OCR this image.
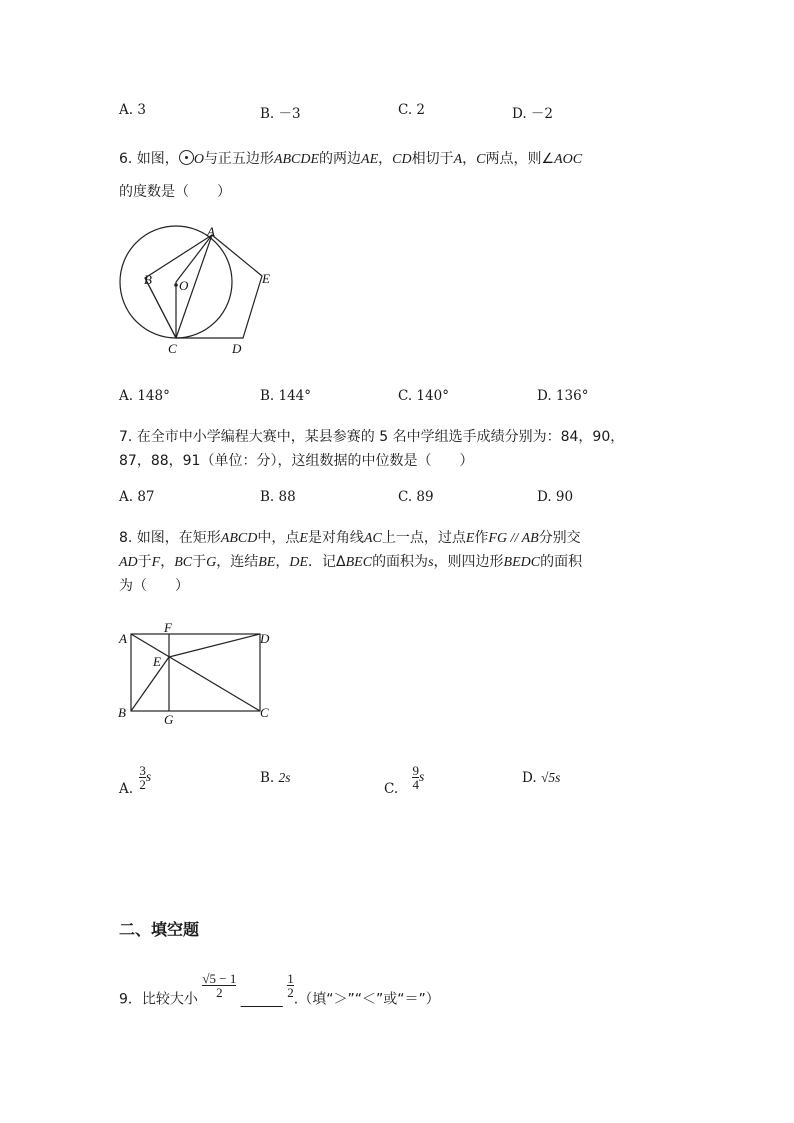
A. 3	B. －3	C. 2	D. －2
6. 如图， O与正五边形ABCDE的两边AE，CD相切于A，C两点，则∠AOC
的度数是（　　）
A
B O	E
C	D
A. 148°	B. 144°	C. 140°	D. 136°
7. 在全市中小学编程大赛中，某县参赛的 5 名中学组选手成绩分别为：84，90，
87，88，91（单位：分），这组数据的中位数是（　　）
A. 87	B. 88	C. 89	D. 90
8. 如图，在矩形ABCD中，点E是对角线AC上一点，过点E作FG // AB分别交
AD于F，BC于G，连结BE，DE．记ΔBEC的面积为s，则四边形BEDC的面积
为（　　）
A
F
D
E
B	G	C
A. $\frac{3}{2}$ s	B. 2s
C. $\frac{9}{4}$ s	D. √5s
二、填空题
9．比较大小
$\frac{√5 - 1}{2}$
______
$\frac{1}{2}$
.（填“＞”“＜”或“＝”）
